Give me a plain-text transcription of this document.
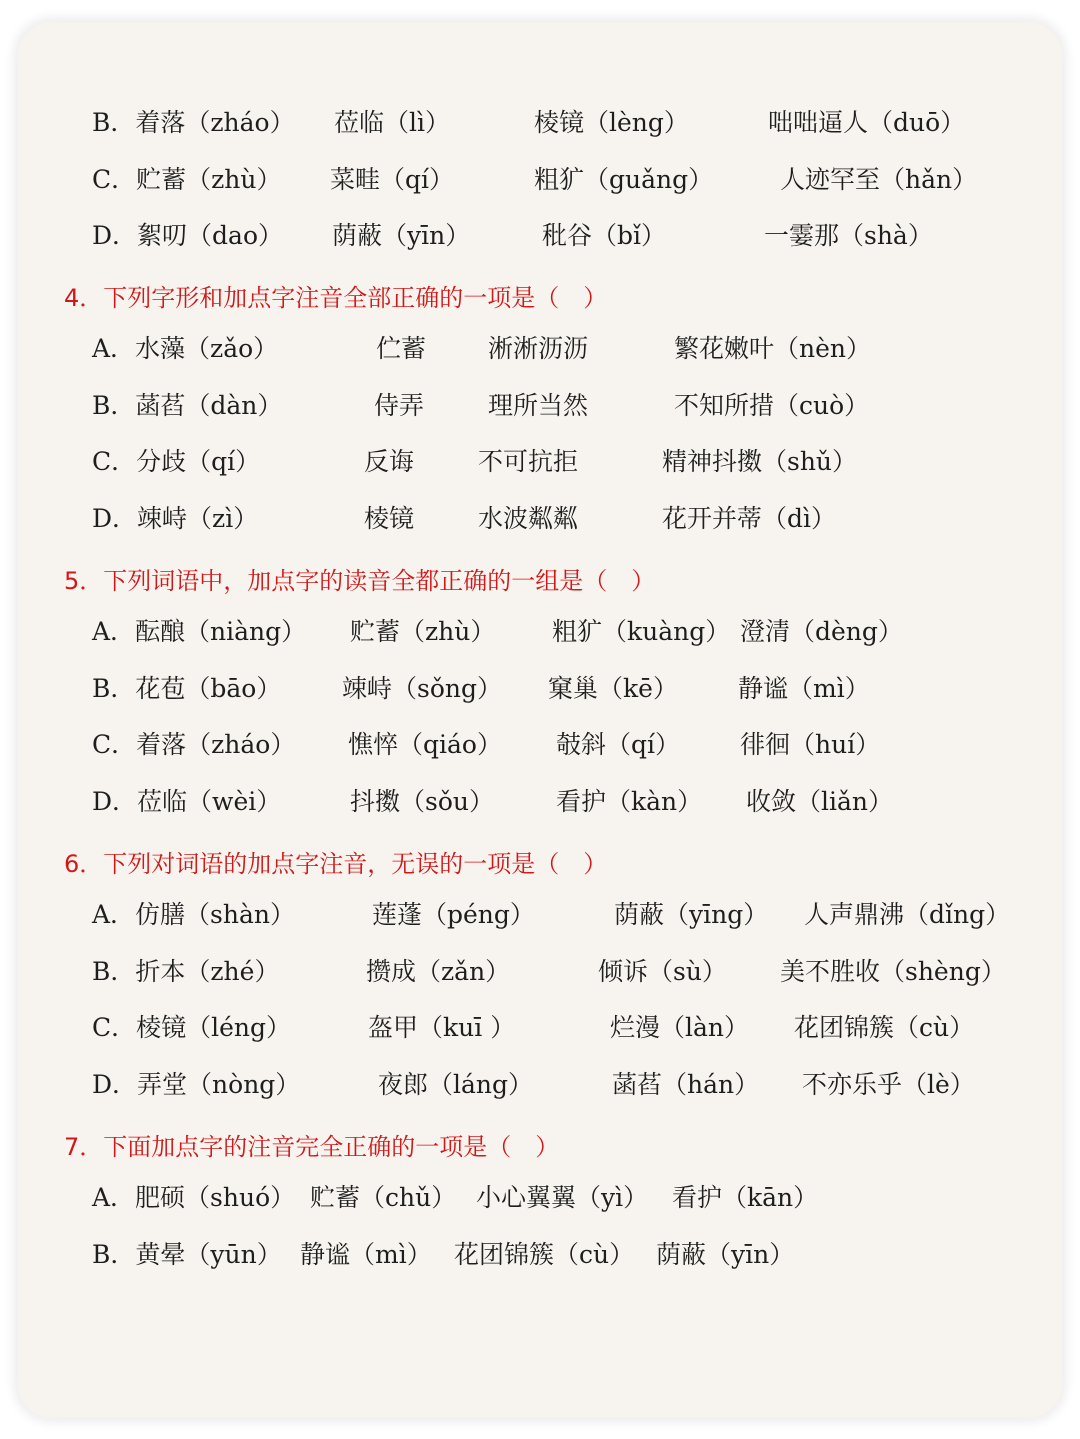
B．着落（zháo） 莅临（lì）	棱镜（lèng）	咄咄逼人（duō）
C．贮蓄（zhù） 菜畦（qí）	粗犷（guǎng）	人迹罕至（hǎn）
D．絮叨（dao） 荫蔽（yīn）	秕谷（bǐ）	一霎那（shà）
4．下列字形和加点字注音全部正确的一项是（　）
A．水藻（zǎo）	伫蓄 淅淅沥沥	繁花嫩叶（nèn）
B．菡萏（dàn）	侍弄	理所当然	不知所措（cuò）
C．分歧（qí）	反诲	不可抗拒	精神抖擞（shǔ）
D．竦峙（zì）	棱镜	水波粼粼	花开并蒂（dì）
5．下列词语中，加点字的读音全都正确的一组是（　）
A．酝酿（niàng） 贮蓄（zhù） 粗犷（kuàng） 澄清（dèng）
B．花苞（bāo） 竦峙（sǒng） 窠巢（kē） 静谧（mì）
C．着落（zháo） 憔悴（qiáo） 攲斜（qí） 徘徊（huí）
D．莅临（wèi）	抖擞（sǒu） 看护（kàn） 收敛（liǎn）
6．下列对词语的加点字注音，无误的一项是（　）
A．仿膳（shàn）	莲蓬（péng）	荫蔽（yīng） 人声鼎沸（dǐng）
B．折本（zhé）	攒成（zǎn）	倾诉（sù） 美不胜收（shèng）
C．棱镜（léng）	盔甲（kuī ）	烂漫（làn） 花团锦簇（cù）
D．弄堂（nòng）	夜郎（láng）	菡萏（hán） 不亦乐乎（lè）
7．下面加点字的注音完全正确的一项是（　）
A．肥硕（shuó） 贮蓄（chǔ） 小心翼翼（yì） 看护（kān）
B．黄晕（yūn） 静谧（mì） 花团锦簇（cù） 荫蔽（yīn）
